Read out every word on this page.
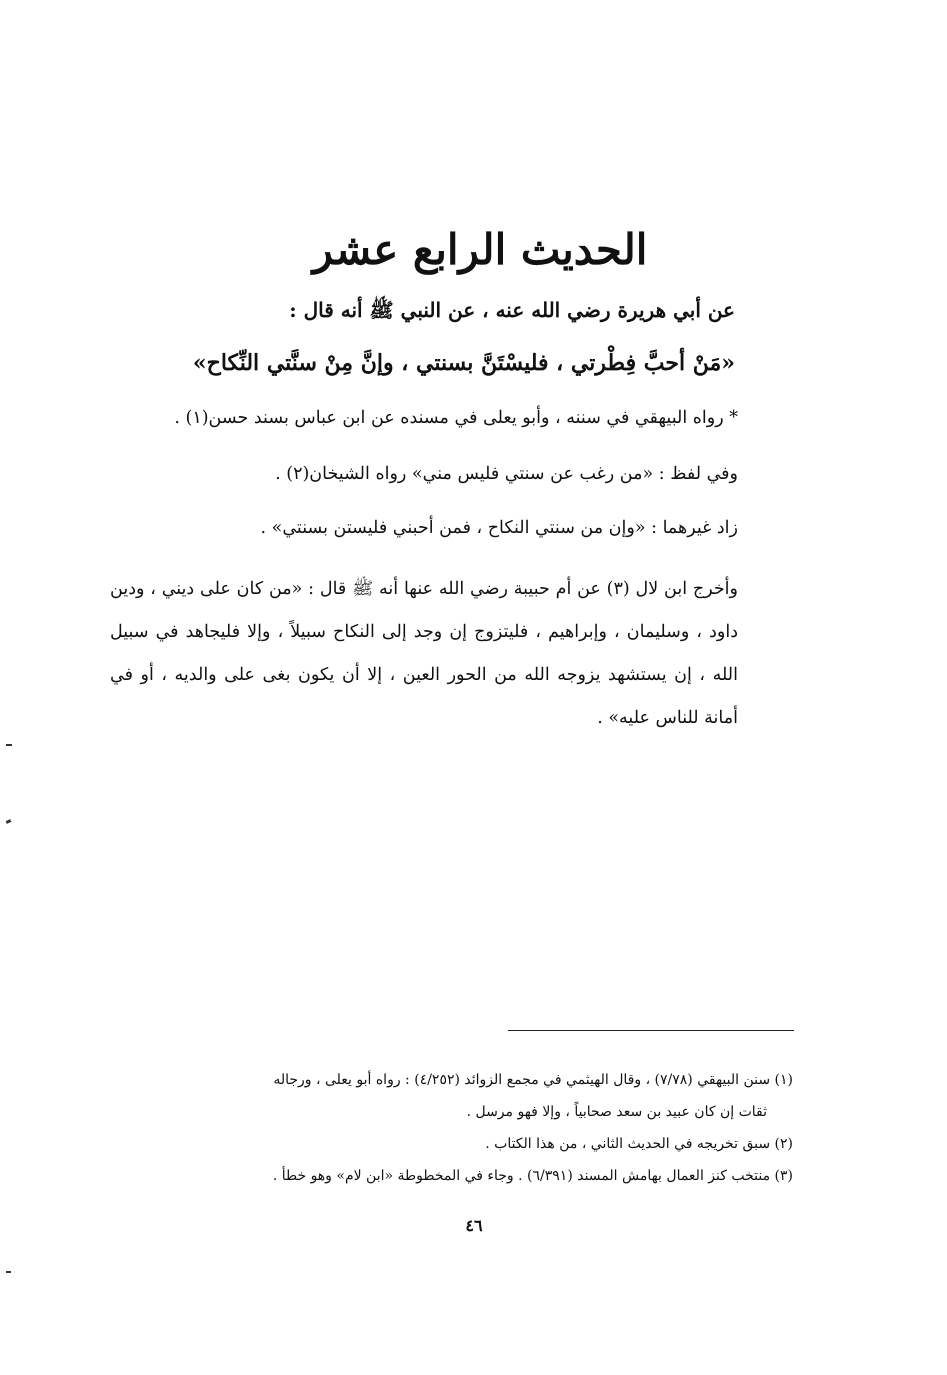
الحديث الرابع عشر
عن أبي هريرة رضي الله عنه ، عن النبي ﷺ أنه قال :
«مَنْ أحبَّ فِطْرتي ، فليسْتَنَّ بسنتي ، وإنَّ مِنْ سنَّتي النِّكاح»
* رواه البيهقي في سننه ، وأبو يعلى في مسنده عن ابن عباس بسند حسن(١) .
وفي لفظ : «من رغب عن سنتي فليس مني» رواه الشيخان(٢) .
زاد غيرهما : «وإن من سنتي النكاح ، فمن أحبني فليستن بسنتي» .
وأخرج ابن لال (٣) عن أم حبيبة رضي الله عنها أنه ﷺ قال : «من كان على ديني ، ودين داود ، وسليمان ، وإبراهيم ، فليتزوج إن وجد إلى النكاح سبيلاً ، وإلا فليجاهد في سبيل الله ، إن يستشهد يزوجه الله من الحور العين ، إلا أن يكون بغى على والديه ، أو في أمانة للناس عليه» .

(١) سنن البيهقي (٧/٧٨) ، وقال الهيثمي في مجمع الزوائد (٤/٢٥٢) : رواه أبو يعلى ، ورجاله
ثقات إن كان عبيد بن سعد صحابياً ، وإلا فهو مرسل .

(٢) سبق تخريجه في الحديث الثاني ، من هذا الكتاب .

(٣) منتخب كنز العمال بهامش المسند (٦/٣٩١) . وجاء في المخطوطة «ابن لام» وهو خطأ .

٤٦
